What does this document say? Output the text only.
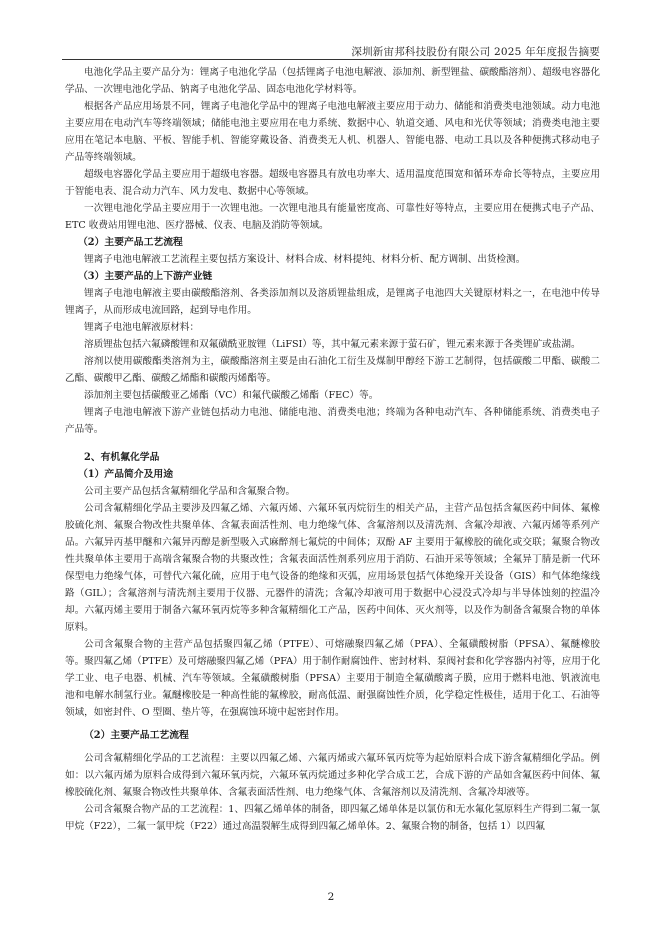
深圳新宙邦科技股份有限公司 2025 年年度报告摘要

电池化学品主要产品分为：锂离子电池化学品（包括锂离子电池电解液、添加剂、新型锂盐、碳酸酯溶剂）、超级电容器化学品、一次锂电池化学品、钠离子电池化学品、固态电池化学材料等。

根据各产品应用场景不同，锂离子电池化学品中的锂离子电池电解液主要应用于动力、储能和消费类电池领域。动力电池主要应用在电动汽车等终端领域；储能电池主要应用在电力系统、数据中心、轨道交通、风电和光伏等领域；消费类电池主要应用在笔记本电脑、平板、智能手机、智能穿戴设备、消费类无人机、机器人、智能电器、电动工具以及各种便携式移动电子产品等终端领域。

超级电容器化学品主要应用于超级电容器。超级电容器具有放电功率大、适用温度范围宽和循环寿命长等特点，主要应用于智能电表、混合动力汽车、风力发电、数据中心等领域。

一次锂电池化学品主要应用于一次锂电池。一次锂电池具有能量密度高、可靠性好等特点，主要应用在便携式电子产品、ETC 收费站用锂电池、医疗器械、仪表、电脑及消防等领域。

（2）主要产品工艺流程

锂离子电池电解液工艺流程主要包括方案设计、材料合成、材料提纯、材料分析、配方调制、出货检测。

（3）主要产品的上下游产业链

锂离子电池电解液主要由碳酸酯溶剂、各类添加剂以及溶质锂盐组成，是锂离子电池四大关键原材料之一，在电池中传导锂离子，从而形成电流回路，起到导电作用。

锂离子电池电解液原材料：

溶质锂盐包括六氟磷酸锂和双氟磺酰亚胺锂（LiFSI）等，其中氟元素来源于萤石矿，锂元素来源于各类锂矿或盐湖。

溶剂以使用碳酸酯类溶剂为主，碳酸酯溶剂主要是由石油化工衍生及煤制甲醇经下游工艺制得，包括碳酸二甲酯、碳酸二乙酯、碳酸甲乙酯、碳酸乙烯酯和碳酸丙烯酯等。

添加剂主要包括碳酸亚乙烯酯（VC）和氟代碳酸乙烯酯（FEC）等。

锂离子电池电解液下游产业链包括动力电池、储能电池、消费类电池；终端为各种电动汽车、各种储能系统、消费类电子产品等。

2、有机氟化学品
（1）产品简介及用途

公司主要产品包括含氟精细化学品和含氟聚合物。

公司含氟精细化学品主要涉及四氟乙烯、六氟丙烯、六氟环氧丙烷衍生的相关产品，主营产品包括含氟医药中间体、氟橡胶硫化剂、氟聚合物改性共聚单体、含氟表面活性剂、电力绝缘气体、含氟溶剂以及清洗剂、含氟冷却液、六氟丙烯等系列产品。六氟异丙基甲醚和六氟异丙醇是新型吸入式麻醉剂七氟烷的中间体；双酚 AF 主要用于氟橡胶的硫化或交联；氟聚合物改性共聚单体主要用于高端含氟聚合物的共聚改性；含氟表面活性剂系列应用于消防、石油开采等领域；全氟异丁腈是新一代环保型电力绝缘气体，可替代六氟化硫，应用于电气设备的绝缘和灭弧，应用场景包括气体绝缘开关设备（GIS）和气体绝缘线路（GIL）；含氟溶剂与清洗剂主要用于仪器、元器件的清洗；含氟冷却液可用于数据中心浸没式冷却与半导体蚀刻的控温冷却。六氟丙烯主要用于制备六氟环氧丙烷等多种含氟精细化工产品，医药中间体、灭火剂等，以及作为制备含氟聚合物的单体原料。

公司含氟聚合物的主营产品包括聚四氟乙烯（PTFE）、可熔融聚四氟乙烯（PFA）、全氟磺酸树脂（PFSA）、氟醚橡胶等。聚四氟乙烯（PTFE）及可熔融聚四氟乙烯（PFA）用于制作耐腐蚀件、密封材料、泵阀衬套和化学容器内衬等，应用于化学工业、电子电器、机械、汽车等领域。全氟磺酸树脂（PFSA）主要用于制造全氟磺酸离子膜，应用于燃料电池、钒液流电池和电解水制氢行业。氟醚橡胶是一种高性能的氟橡胶，耐高低温、耐强腐蚀性介质，化学稳定性极佳，适用于化工、石油等领域，如密封件、O 型圈、垫片等，在强腐蚀环境中起密封作用。

（2）主要产品工艺流程

公司含氟精细化学品的工艺流程：主要以四氟乙烯、六氟丙烯或六氟环氧丙烷等为起始原料合成下游含氟精细化学品。例如：以六氟丙烯为原料合成得到六氟环氧丙烷，六氟环氧丙烷通过多种化学合成工艺，合成下游的产品如含氟医药中间体、氟橡胶硫化剂、氟聚合物改性共聚单体、含氟表面活性剂、电力绝缘气体、含氟溶剂以及清洗剂、含氟冷却液等。

公司含氟聚合物产品的工艺流程：1、四氟乙烯单体的制备，即四氟乙烯单体是以氯仿和无水氟化氢原料生产得到二氟一氯甲烷（F22），二氟一氯甲烷（F22）通过高温裂解生成得到四氟乙烯单体。2、氟聚合物的制备，包括 1）以四氟

2
